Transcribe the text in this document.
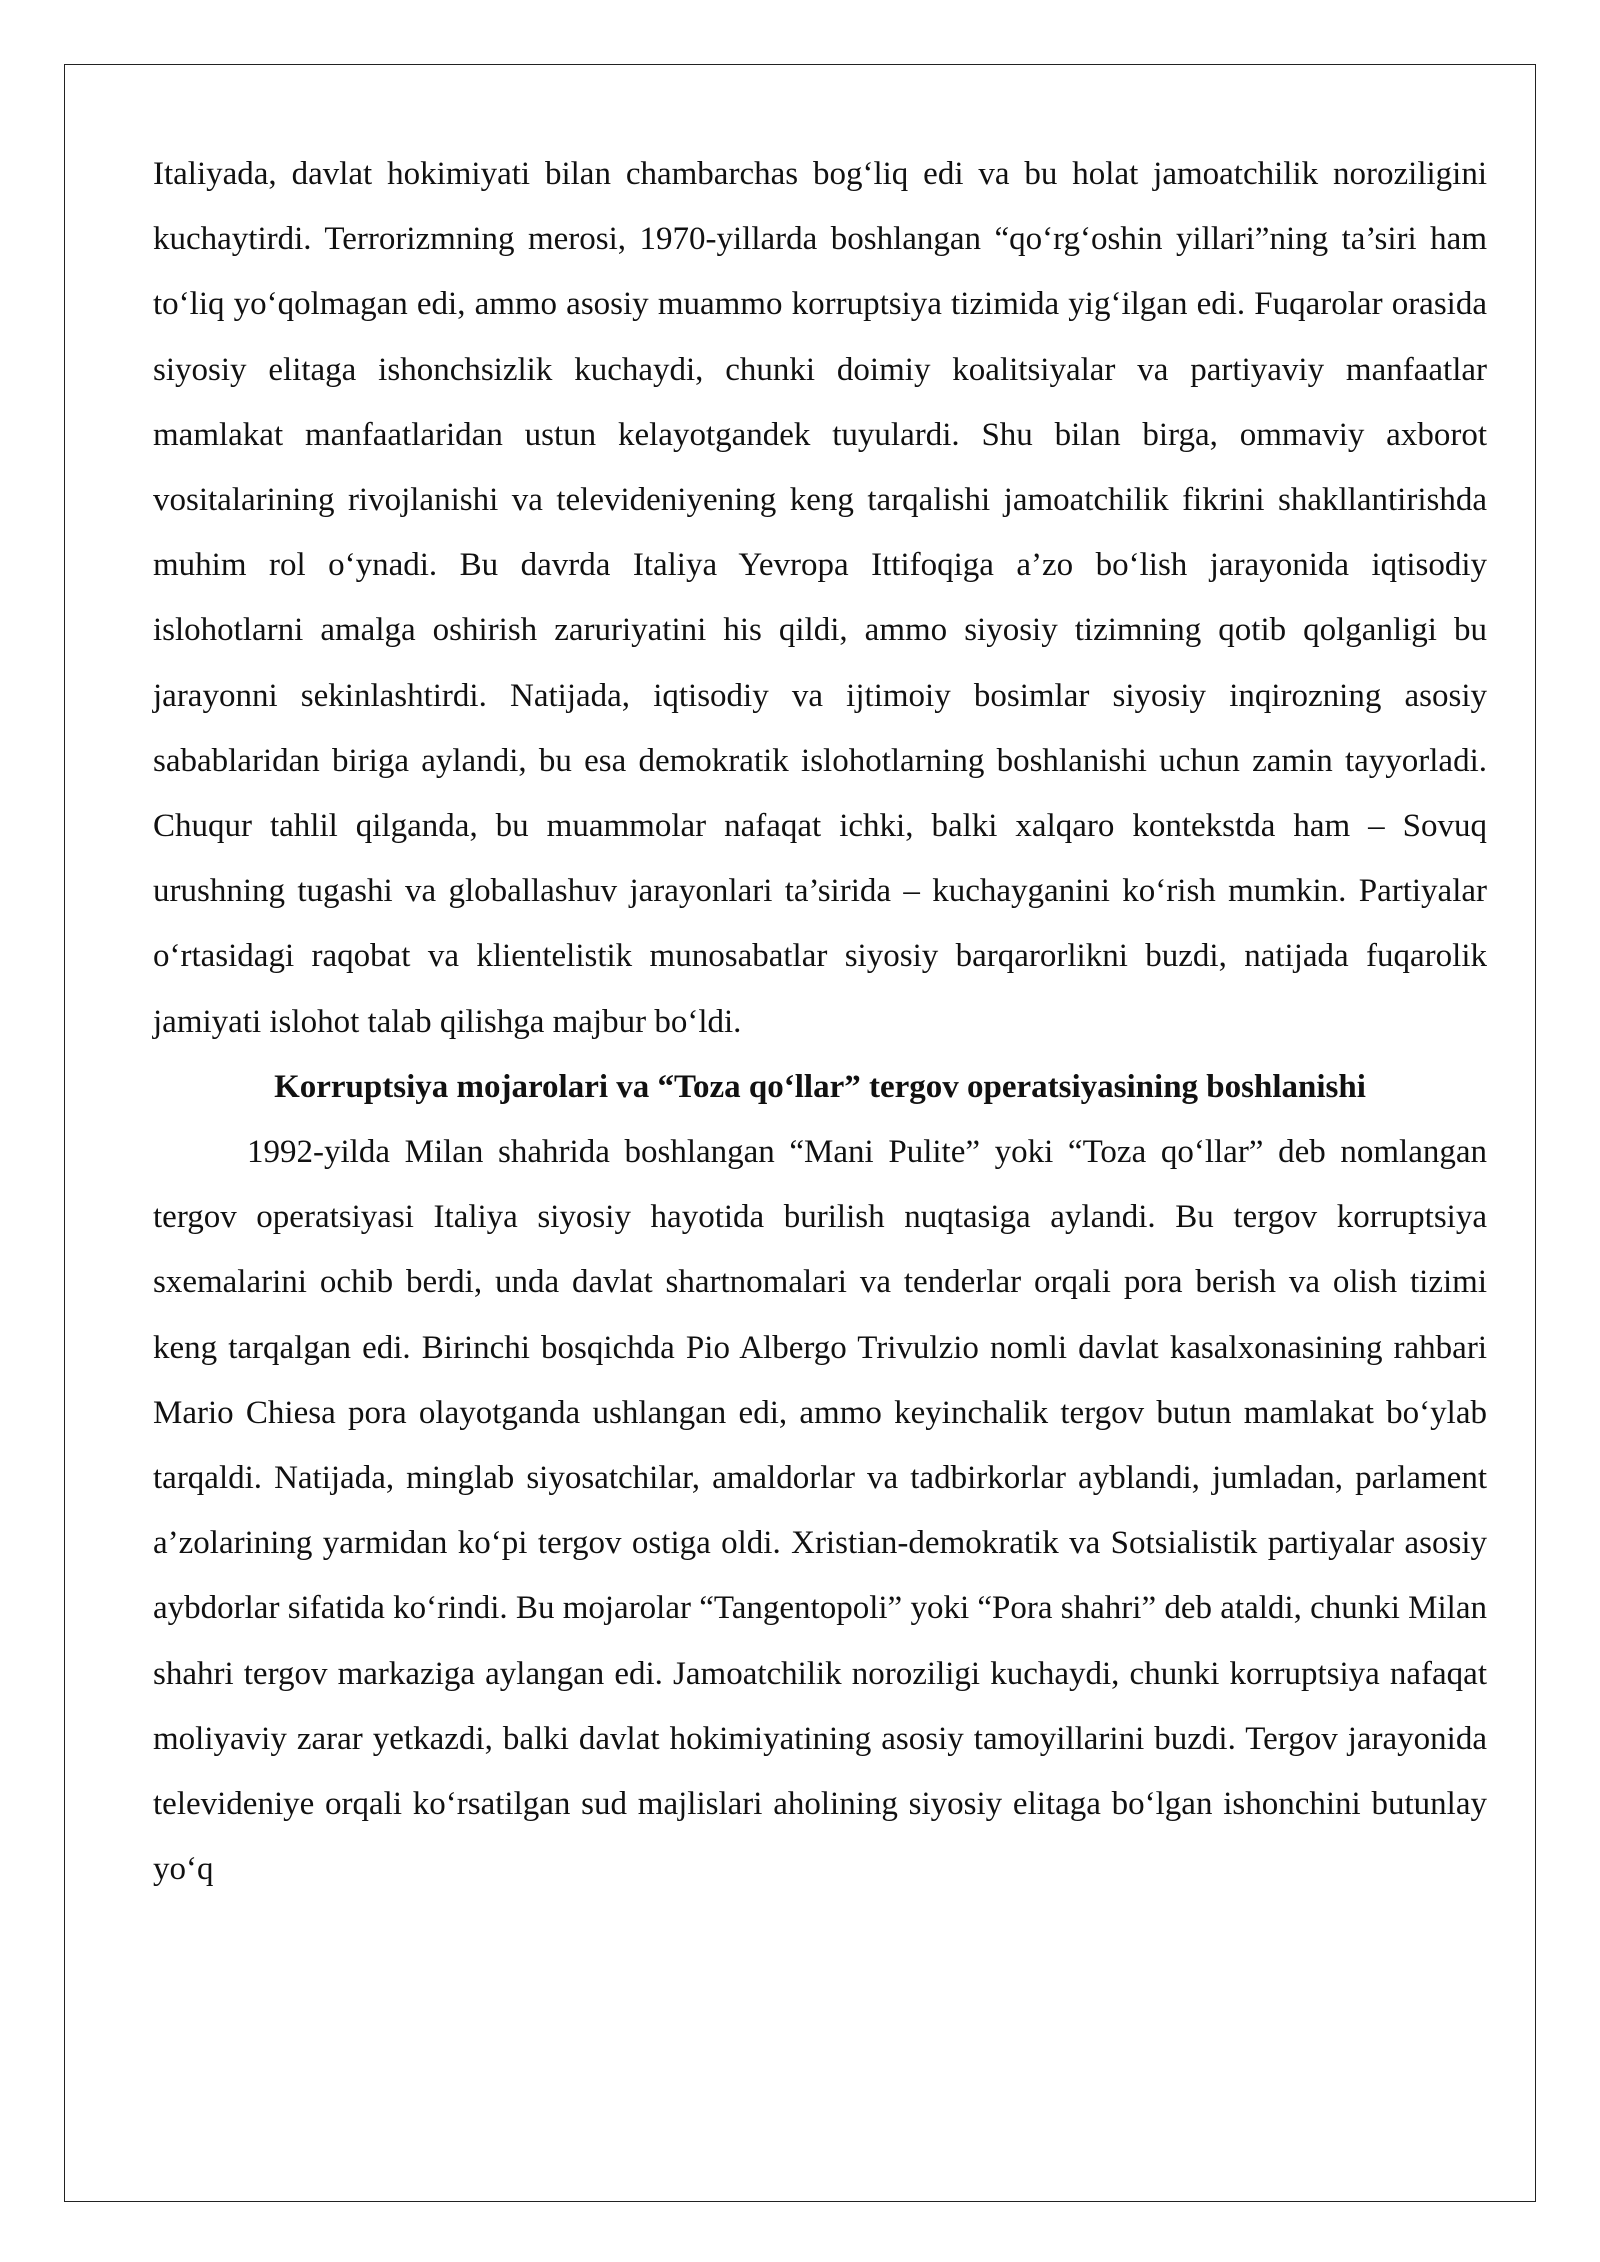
Italiyada, davlat hokimiyati bilan chambarchas bog‘liq edi va bu holat jamoatchilik noroziligini kuchaytirdi. Terrorizmning merosi, 1970-yillarda boshlangan “qo‘rg‘oshin yillari”ning ta’siri ham to‘liq yo‘qolmagan edi, ammo asosiy muammo korruptsiya tizimida yig‘ilgan edi. Fuqarolar orasida siyosiy elitaga ishonchsizlik kuchaydi, chunki doimiy koalitsiyalar va partiyaviy manfaatlar mamlakat manfaatlaridan ustun kelayotgandek tuyulardi. Shu bilan birga, ommaviy axborot vositalarining rivojlanishi va televideniyening keng tarqalishi jamoatchilik fikrini shakllantirishda muhim rol o‘ynadi. Bu davrda Italiya Yevropa Ittifoqiga a’zo bo‘lish jarayonida iqtisodiy islohotlarni amalga oshirish zaruriyatini his qildi, ammo siyosiy tizimning qotib qolganligi bu jarayonni sekinlashtirdi. Natijada, iqtisodiy va ijtimoiy bosimlar siyosiy inqirozning asosiy sabablaridan biriga aylandi, bu esa demokratik islohotlarning boshlanishi uchun zamin tayyorladi. Chuqur tahlil qilganda, bu muammolar nafaqat ichki, balki xalqaro kontekstda ham – Sovuq urushning tugashi va globallashuv jarayonlari ta’sirida – kuchayganini ko‘rish mumkin. Partiyalar o‘rtasidagi raqobat va klientelistik munosabatlar siyosiy barqarorlikni buzdi, natijada fuqarolik jamiyati islohot talab qilishga majbur bo‘ldi.

Korruptsiya mojarolari va “Toza qo‘llar” tergov operatsiyasining boshlanishi

1992-yilda Milan shahrida boshlangan “Mani Pulite” yoki “Toza qo‘llar” deb nomlangan tergov operatsiyasi Italiya siyosiy hayotida burilish nuqtasiga aylandi. Bu tergov korruptsiya sxemalarini ochib berdi, unda davlat shartnomalari va tenderlar orqali pora berish va olish tizimi keng tarqalgan edi. Birinchi bosqichda Pio Albergo Trivulzio nomli davlat kasalxonasining rahbari Mario Chiesa pora olayotganda ushlangan edi, ammo keyinchalik tergov butun mamlakat bo‘ylab tarqaldi. Natijada, minglab siyosatchilar, amaldorlar va tadbirkorlar ayblandi, jumladan, parlament a’zolarining yarmidan ko‘pi tergov ostiga oldi. Xristian-demokratik va Sotsialistik partiyalar asosiy aybdorlar sifatida ko‘rindi. Bu mojarolar “Tangentopoli” yoki “Pora shahri” deb ataldi, chunki Milan shahri tergov markaziga aylangan edi. Jamoatchilik noroziligi kuchaydi, chunki korruptsiya nafaqat moliyaviy zarar yetkazdi, balki davlat hokimiyatining asosiy tamoyillarini buzdi. Tergov jarayonida televideniye orqali ko‘rsatilgan sud majlislari aholining siyosiy elitaga bo‘lgan ishonchini butunlay yo‘q
